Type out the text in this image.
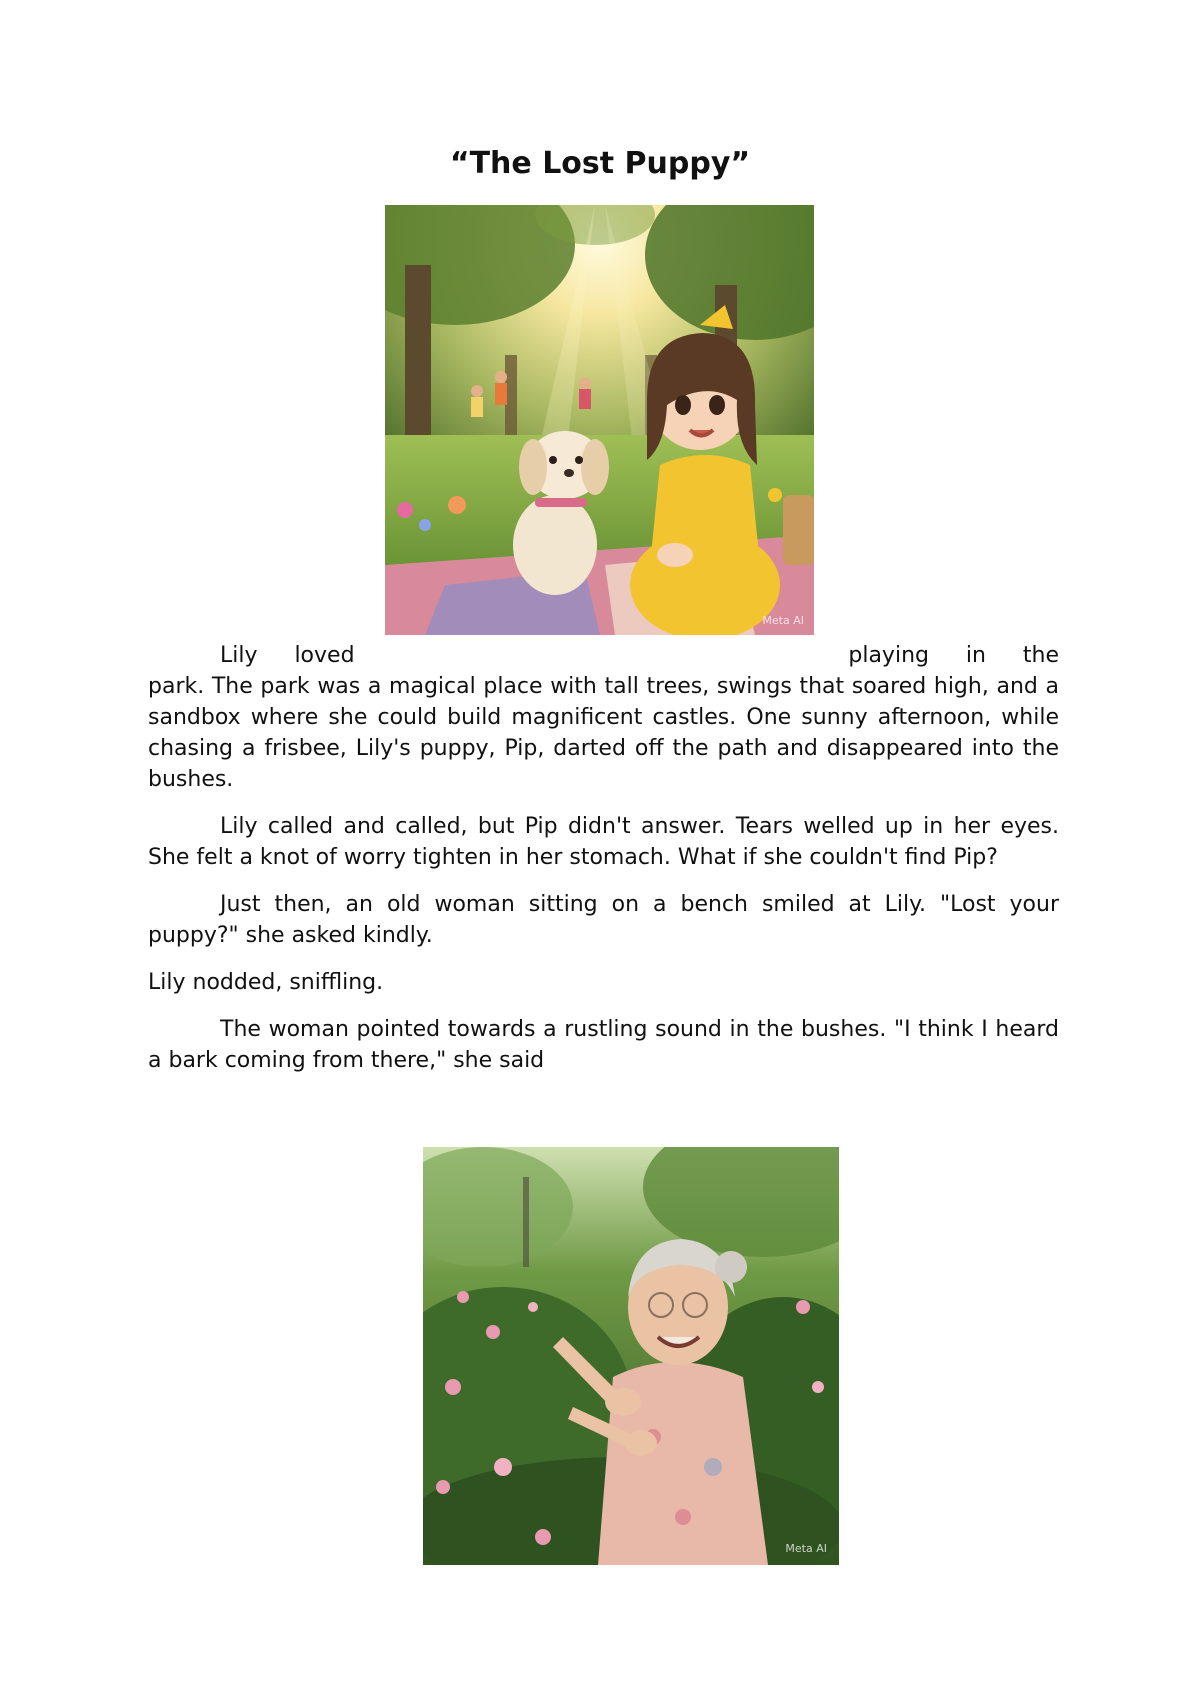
“The Lost Puppy”
Meta AI
Lily loved	playing in the

park. The park was a magical place with tall trees, swings that soared high, and a sandbox where she could build magnificent castles. One sunny afternoon, while chasing a frisbee, Lily's puppy, Pip, darted off the path and disappeared into the bushes.

Lily called and called, but Pip didn't answer. Tears welled up in her eyes. She felt a knot of worry tighten in her stomach. What if she couldn't find Pip?

Just then, an old woman sitting on a bench smiled at Lily. "Lost your puppy?" she asked kindly.

Lily nodded, sniffling.

The woman pointed towards a rustling sound in the bushes. "I think I heard a bark coming from there," she said

Meta AI
